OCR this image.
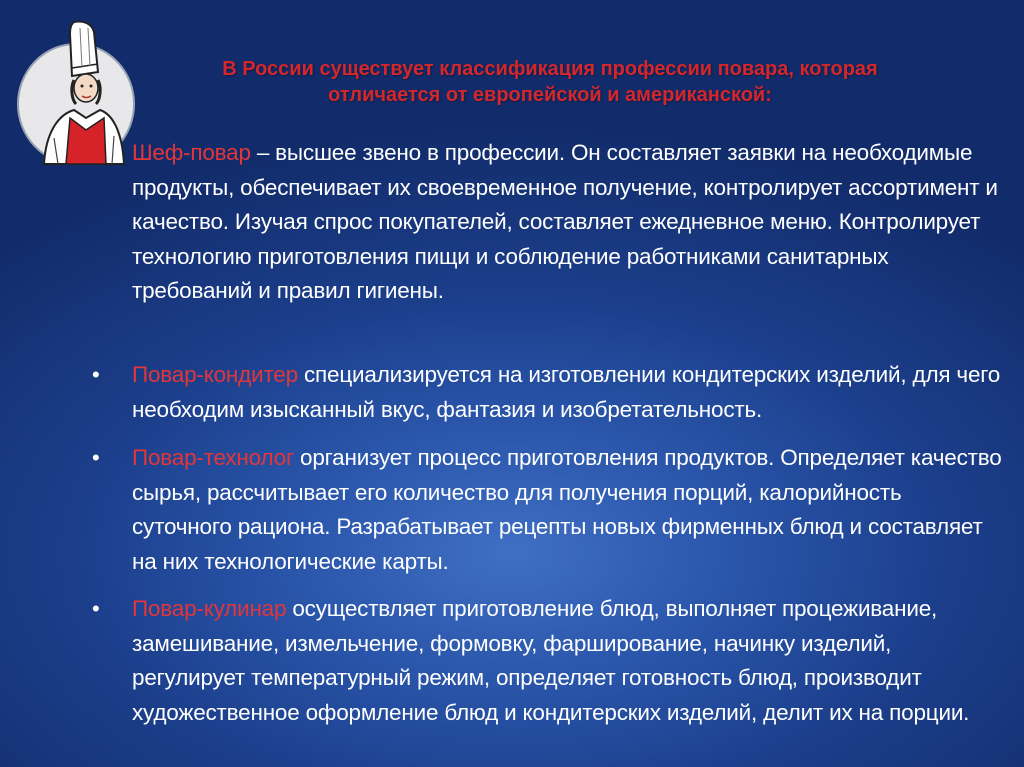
В России существует классификация профессии повара, которая
отличается от европейской и американской:
Шеф-повар – высшее звено в профессии. Он составляет заявки на необходимые продукты, обеспечивает их своевременное получение, контролирует ассортимент и качество. Изучая спрос покупателей, составляет ежедневное меню. Контролирует технологию приготовления пищи и соблюдение работниками санитарных требований и правил гигиены.
• Повар-кондитер специализируется на изготовлении кондитерских изделий, для чего необходим изысканный вкус, фантазия и изобретательность.
• Повар-технолог организует процесс приготовления продуктов. Определяет качество сырья, рассчитывает его количество для получения порций, калорийность суточного рациона. Разрабатывает рецепты новых фирменных блюд и составляет на них технологические карты.
• Повар-кулинар осуществляет приготовление блюд, выполняет процеживание, замешивание, измельчение, формовку, фарширование, начинку изделий, регулирует температурный режим, определяет готовность блюд, производит художественное оформление блюд и кондитерских изделий, делит их на порции.
